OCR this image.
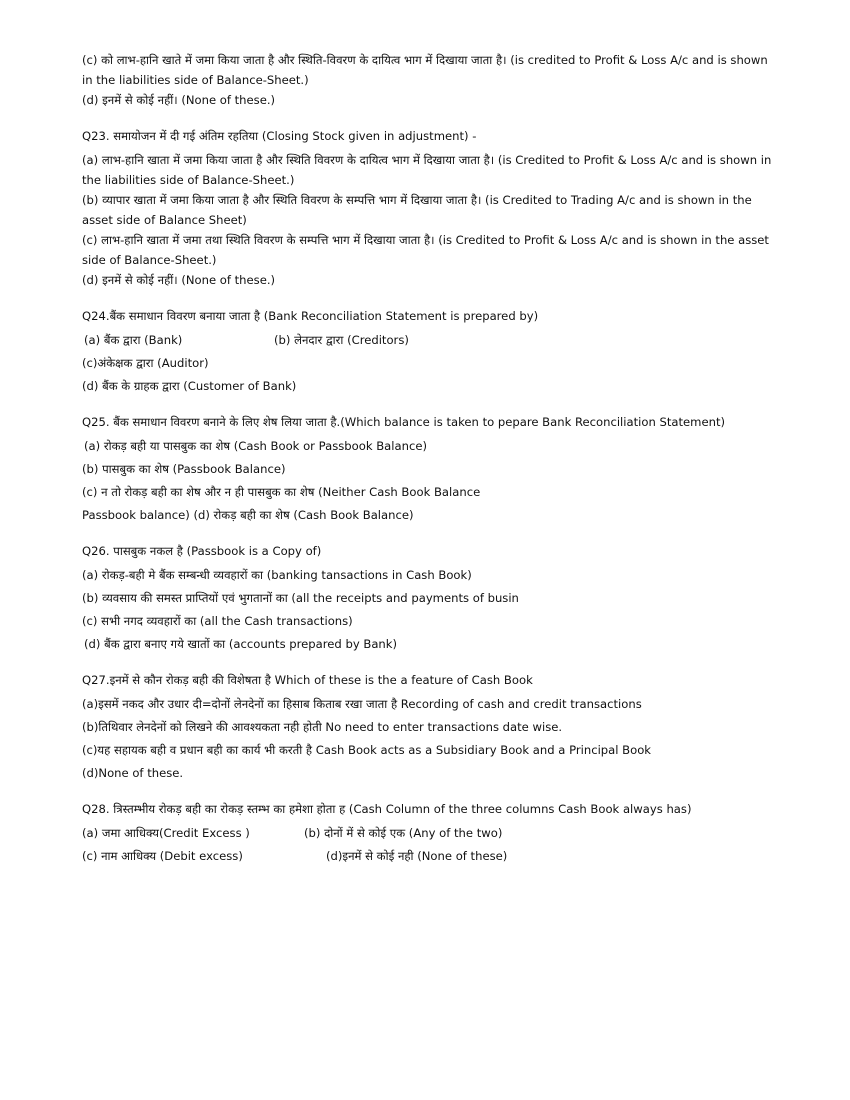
(c) को लाभ-हानि खाते में जमा किया जाता है और स्थिति-विवरण के दायित्व भाग में दिखाया जाता है। (is credited to Profit & Loss A/c and is shown in the liabilities side of Balance-Sheet.)
(d) इनमें से कोई नहीं। (None of these.)
Q23. समायोजन में दी गई अंतिम रहतिया (Closing Stock given in adjustment) -
(a) लाभ-हानि खाता में जमा किया जाता है और स्थिति विवरण के दायित्व भाग में दिखाया जाता है। (is Credited to Profit & Loss A/c and is shown in the liabilities side of Balance-Sheet.)
(b) व्यापार खाता में जमा किया जाता है और स्थिति विवरण के सम्पत्ति भाग में दिखाया जाता है। (is Credited to Trading A/c and is shown in the asset side of Balance Sheet)
(c) लाभ-हानि खाता में जमा तथा स्थिति विवरण के सम्पत्ति भाग में दिखाया जाता है। (is Credited to Profit & Loss A/c and is shown in the asset side of Balance-Sheet.)
(d) इनमें से कोई नहीं। (None of these.)
Q24.बैंक समाधान विवरण बनाया जाता है (Bank Reconciliation Statement is prepared by)
(a) बैंक द्वारा (Bank)	(b) लेनदार द्वारा (Creditors)
(c)अंकेक्षक द्वारा (Auditor)
(d) बैंक के ग्राहक द्वारा (Customer of Bank)
Q25. बैंक समाधान विवरण बनाने के लिए शेष लिया जाता है.(Which balance is taken to pepare Bank Reconciliation Statement)
(a) रोकड़ बही या पासबुक का शेष (Cash Book or Passbook Balance)
(b) पासबुक का शेष (Passbook Balance)
(c) न तो रोकड़ बही का शेष और न ही पासबुक का शेष (Neither Cash Book Balance
Passbook balance) (d) रोकड़ बही का शेष (Cash Book Balance)
Q26. पासबुक नकल है (Passbook is a Copy of)
(a) रोकड़-बही मे बैंक सम्बन्धी व्यवहारों का (banking tansactions in Cash Book)
(b) व्यवसाय की समस्त प्राप्तियों एवं भुगतानों का (all the receipts and payments of busin
(c) सभी नगद व्यवहारों का (all the Cash transactions)
(d) बैंक द्वारा बनाए गये खातों का (accounts prepared by Bank)
Q27.इनमें से कौन रोकड़ बही की विशेषता है Which of these is the a feature of Cash Book
(a)इसमें नकद और उधार दी=दोनों लेनदेनों का हिसाब किताब रखा जाता है Recording of cash and credit transactions
(b)तिथिवार लेनदेनों को लिखने की आवश्यकता नही होती No need to enter transactions date wise.
(c)यह सहायक बही व प्रधान बही का कार्य भी करती है Cash Book acts as a Subsidiary Book and a Principal Book
(d)None of these.
Q28. त्रिस्तम्भीय रोकड़ बही का रोकड़ स्तम्भ का हमेशा होता ह (Cash Column of the three columns Cash Book always has)
(a) जमा आधिक्य(Credit Excess )	(b) दोनों में से कोई एक (Any of the two)
(c) नाम आधिक्य (Debit excess)	(d)इनमें से कोई नही (None of these)
